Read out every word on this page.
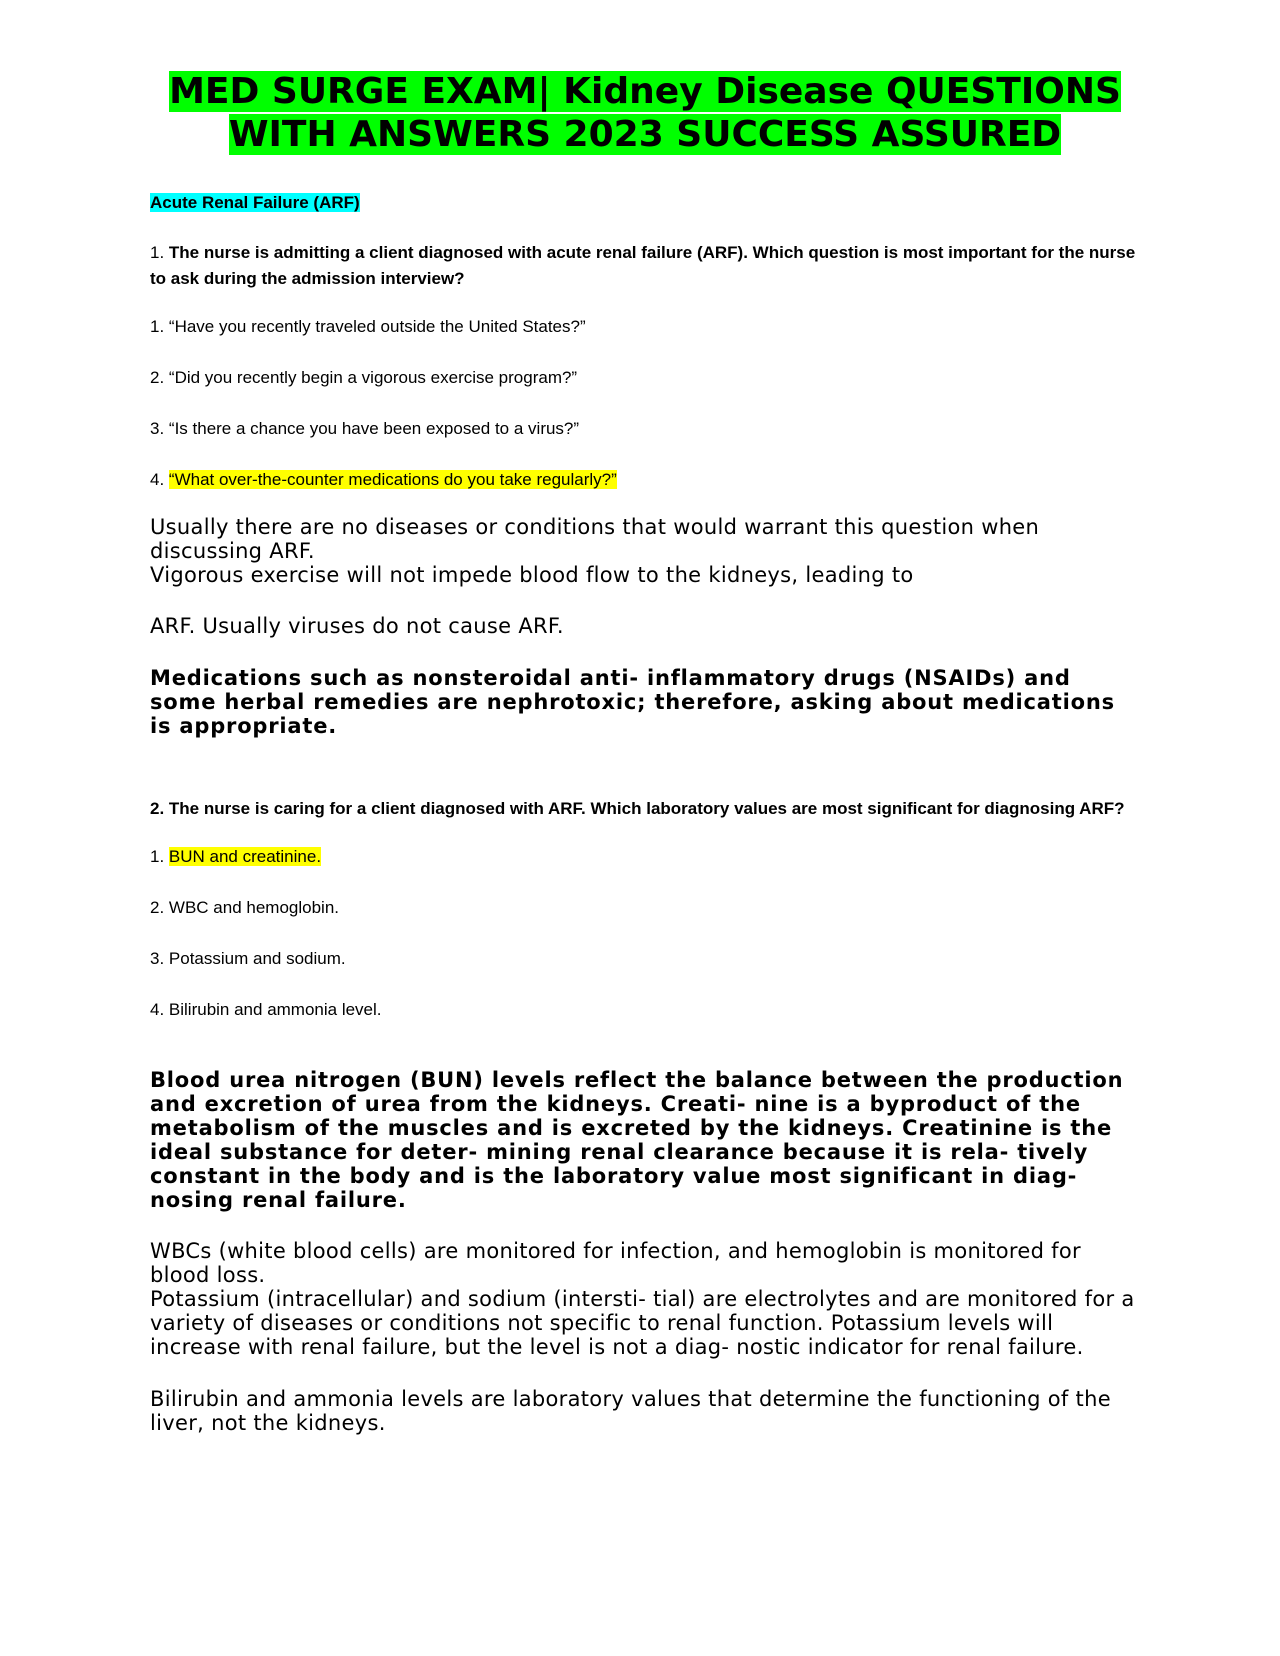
MED SURGE EXAM| Kidney Disease QUESTIONS
WITH ANSWERS 2023 SUCCESS ASSURED
Acute Renal Failure (ARF)
1. The nurse is admitting a client diagnosed with acute renal failure (ARF). Which question is most important for the nurse to ask during the admission interview?
1. “Have you recently traveled outside the United States?”
2. “Did you recently begin a vigorous exercise program?”
3. “Is there a chance you have been exposed to a virus?”
4. “What over-the-counter medications do you take regularly?”

Usually there are no diseases or conditions that would warrant this question when discussing ARF.

Vigorous exercise will not impede blood flow to the kidneys, leading to

ARF. Usually viruses do not cause ARF.

Medications such as nonsteroidal anti- inflammatory drugs (NSAIDs) and some herbal remedies are nephrotoxic; therefore, asking about medications is appropriate.
2. The nurse is caring for a client diagnosed with ARF. Which laboratory values are most significant for diagnosing ARF?
1. BUN and creatinine.
2. WBC and hemoglobin.
3. Potassium and sodium.
4. Bilirubin and ammonia level.
Blood urea nitrogen (BUN) levels reflect the balance between the production and excretion of urea from the kidneys. Creati- nine is a byproduct of the metabolism of the muscles and is excreted by the kidneys. Creatinine is the ideal substance for deter- mining renal clearance because it is rela- tively constant in the body and is the laboratory value most significant in diag- nosing renal failure.

WBCs (white blood cells) are monitored for infection, and hemoglobin is monitored for blood loss.

Potassium (intracellular) and sodium (intersti- tial) are electrolytes and are monitored for a variety of diseases or conditions not specific to renal function. Potassium levels will increase with renal failure, but the level is not a diag- nostic indicator for renal failure.

Bilirubin and ammonia levels are laboratory values that determine the functioning of the liver, not the kidneys.
